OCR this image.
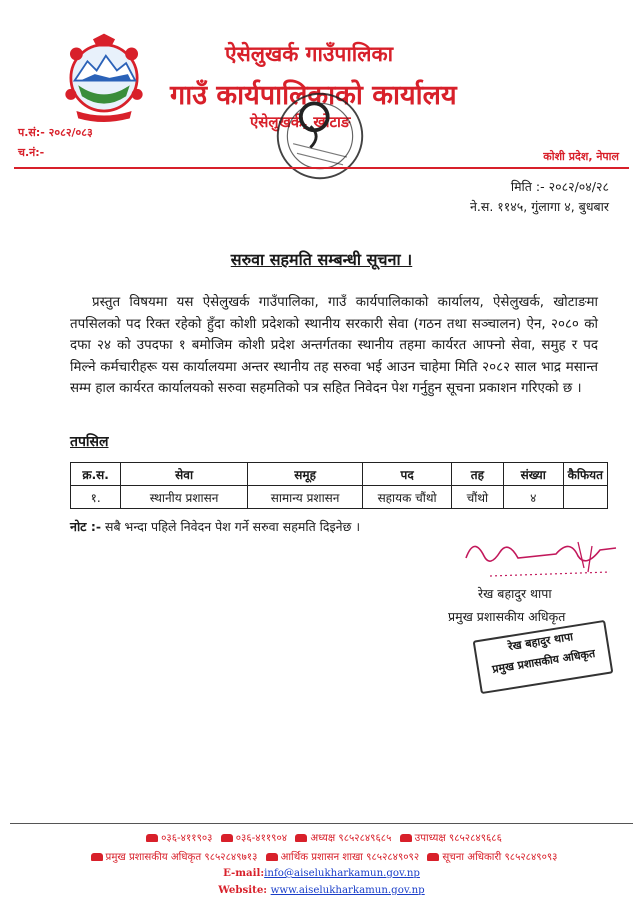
ऐसेलुखर्क गाउँपालिका
गाउँ कार्यपालिकाको कार्यालय
ऐसेलुखर्क, खोटाङ
प.सं:- २०८२/०८३
च.नं:-	कोशी प्रदेश, नेपाल
मिति :- २०८२/०४/२८
ने.स. ११४५, गुंलागा ४, बुधबार
सरुवा सहमति सम्बन्धी सूचना ।
प्रस्तुत विषयमा यस ऐसेलुखर्क गाउँपालिका, गाउँ कार्यपालिकाको कार्यालय, ऐसेलुखर्क, खोटाङमा तपसिलको पद रिक्त रहेको हुँदा कोशी प्रदेशको स्थानीय सरकारी सेवा (गठन तथा सञ्चालन) ऐन, २०८० को दफा २४ को उपदफा १ बमोजिम कोशी प्रदेश अन्तर्गतका स्थानीय तहमा कार्यरत आफ्नो सेवा, समुह र पद मिल्ने कर्मचारीहरू यस कार्यालयमा अन्तर स्थानीय तह सरुवा भई आउन चाहेमा मिति २०८२ साल भाद्र मसान्त सम्म हाल कार्यरत कार्यालयको सरुवा सहमतिको पत्र सहित निवेदन पेश गर्नुहुन सूचना प्रकाशन गरिएको छ ।
तपसिल
क्र.स.	सेवा	समूह	पद	तह	संख्या	कैफियत
१.	स्थानीय प्रशासन	सामान्य प्रशासन	सहायक चौंथो	चौंथो	४	
नोट :- सबै भन्दा पहिले निवेदन पेश गर्ने सरुवा सहमति दिइनेछ ।
रेख बहादुर थापा
प्रमुख प्रशासकीय अधिकृत
रेख बहादुर थापा
प्रमुख प्रशासकीय अधिकृत
०३६-४११९०३ ०३६-४११९०४ अध्यक्ष ९८५२८४९६८५ उपाध्यक्ष ९८५२८४९६८६
प्रमुख प्रशासकीय अधिकृत ९८५२८४९७१३ आर्थिक प्रशासन शाखा ९८५२८४९०९२ सूचना अधिकारी ९८५२८४९०९३
E-mail:info@aiselukharkamun.gov.np
Website: www.aiselukharkamun.gov.np
